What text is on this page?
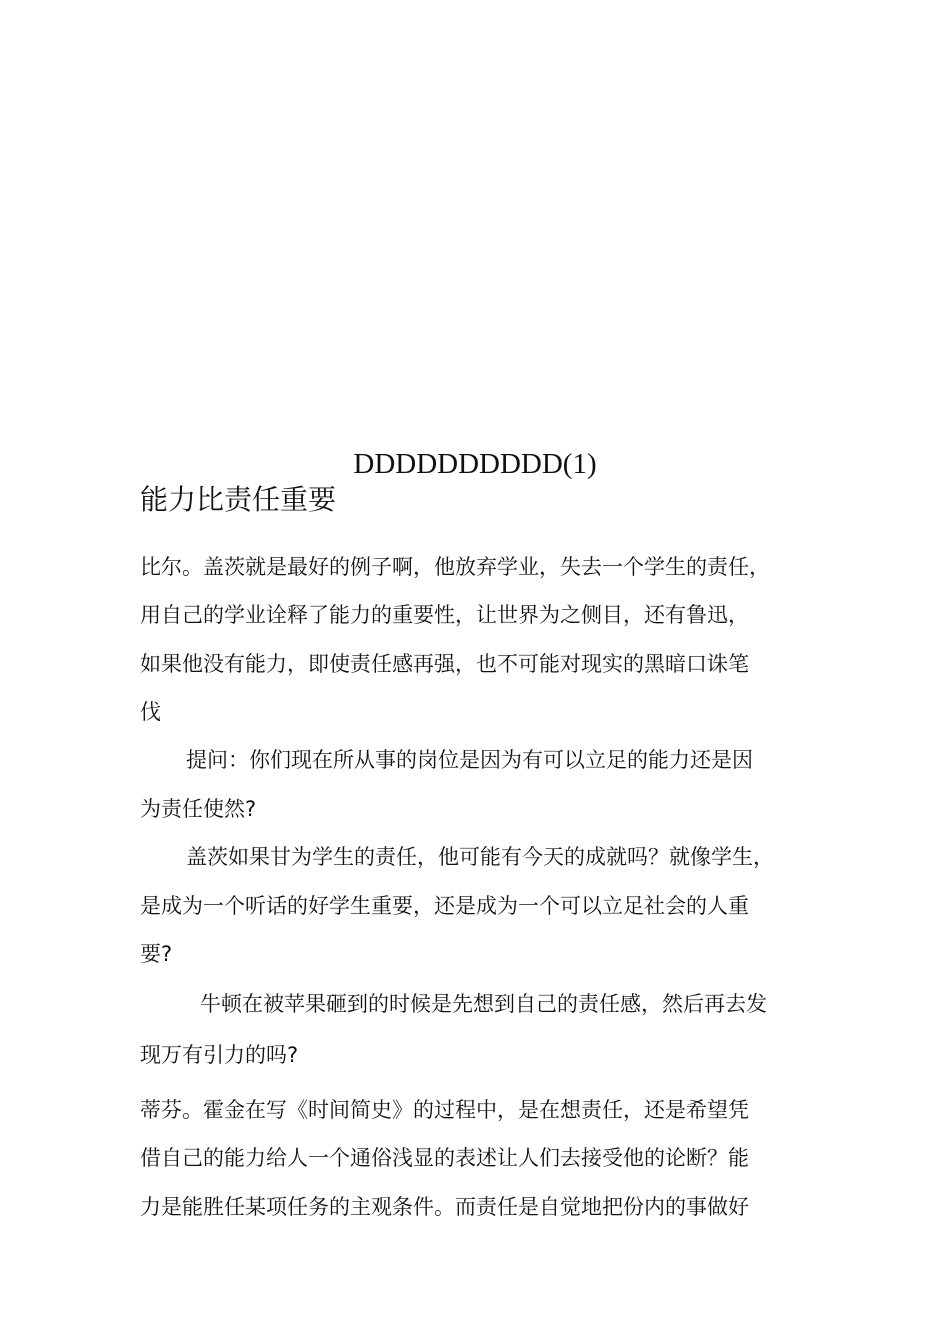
DDDDDDDDDD(1)
能力比责任重要
比尔。盖茨就是最好的例子啊，他放弃学业，失去一个学生的责任，
用自己的学业诠释了能力的重要性，让世界为之侧目，还有鲁迅，
如果他没有能力，即使责任感再强，也不可能对现实的黑暗口诛笔
伐
提问：你们现在所从事的岗位是因为有可以立足的能力还是因
为责任使然?
盖茨如果甘为学生的责任，他可能有今天的成就吗？就像学生，
是成为一个听话的好学生重要，还是成为一个可以立足社会的人重
要?
牛顿在被苹果砸到的时候是先想到自己的责任感，然后再去发
现万有引力的吗?
蒂芬。霍金在写《时间简史》的过程中，是在想责任，还是希望凭
借自己的能力给人一个通俗浅显的表述让人们去接受他的论断？能
力是能胜任某项任务的主观条件。而责任是自觉地把份内的事做好
